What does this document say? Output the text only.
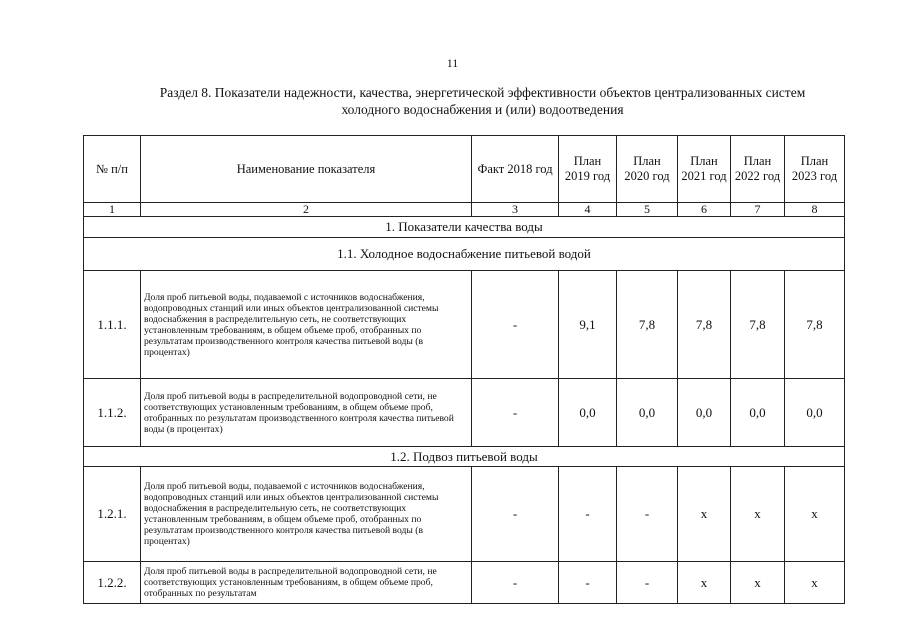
11
Раздел 8. Показатели надежности, качества, энергетической эффективности объектов централизованных систем
холодного водоснабжения и (или) водоотведения
№ п/п	Наименование показателя	Факт 2018 год	План 2019 год	План 2020 год	План 2021 год	План 2022 год	План 2023 год
1	2	3	4	5	6	7	8
1. Показатели качества воды							
1.1. Холодное водоснабжение питьевой водой							
1.1.1.	Доля проб питьевой воды, подаваемой с источников водоснабжения, водопроводных станций или иных объектов централизованной системы водоснабжения в распределительную сеть, не соответствующих установленным требованиям, в общем объеме проб, отобранных по результатам производственного контроля качества питьевой воды (в процентах)	-	9,1	7,8	7,8	7,8	7,8
1.1.2.	Доля проб питьевой воды в распределительной водопроводной сети, не соответствующих установленным требованиям, в общем объеме проб, отобранных по результатам производственного контроля качества питьевой воды (в процентах)	-	0,0	0,0	0,0	0,0	0,0
1.2. Подвоз питьевой воды							
1.2.1.	Доля проб питьевой воды, подаваемой с источников водоснабжения, водопроводных станций или иных объектов централизованной системы водоснабжения в распределительную сеть, не соответствующих установленным требованиям, в общем объеме проб, отобранных по результатам производственного контроля качества питьевой воды (в процентах)	-	-	-	x	x	x
1.2.2.	Доля проб питьевой воды в распределительной водопроводной сети, не соответствующих установленным требованиям, в общем объеме проб, отобранных по результатам	-	-	-	x	x	x
